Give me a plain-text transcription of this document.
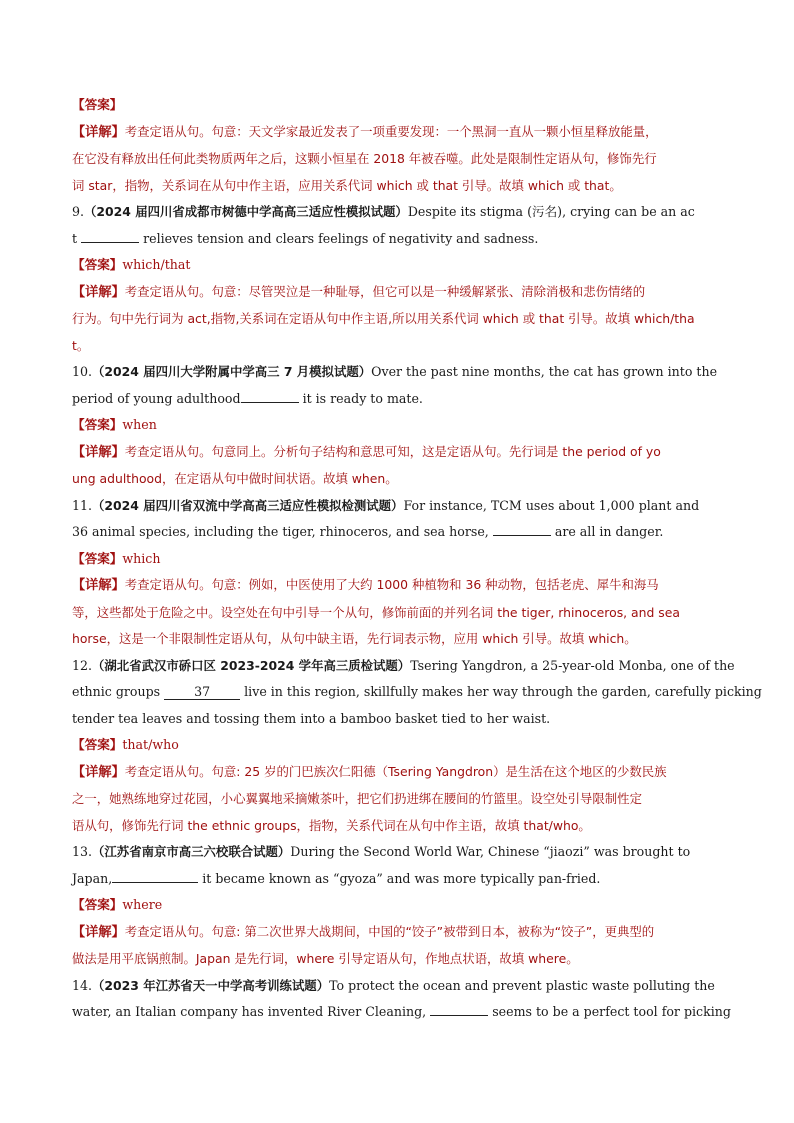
【答案】
【详解】考查定语从句。句意：天文学家最近发表了一项重要发现：一个黑洞一直从一颗小恒星释放能量，
在它没有释放出任何此类物质两年之后，这颗小恒星在 2018 年被吞噬。此处是限制性定语从句，修饰先行
词 star，指物，关系词在从句中作主语，应用关系代词 which 或 that 引导。故填 which 或 that。
9.（2024 届四川省成都市树德中学高高三适应性模拟试题）Despite its stigma (污名), crying can be an ac
t	relieves tension and clears feelings of negativity and sadness.
【答案】which/that
【详解】考查定语从句。句意：尽管哭泣是一种耻辱，但它可以是一种缓解紧张、清除消极和悲伤情绪的
行为。句中先行词为 act,指物,关系词在定语从句中作主语,所以用关系代词 which 或 that 引导。故填 which/tha
t。
10.（2024 届四川大学附属中学高三 7 月模拟试题）Over the past nine months, the cat has grown into the
period of young adulthood	it is ready to mate.
【答案】when
【详解】考查定语从句。句意同上。分析句子结构和意思可知，这是定语从句。先行词是 the period of yo
ung adulthood，在定语从句中做时间状语。故填 when。
11.（2024 届四川省双流中学高高三适应性模拟检测试题）For instance, TCM uses about 1,000 plant and
36 animal species, including the tiger, rhinoceros, and sea horse,	are all in danger.
【答案】which
【详解】考查定语从句。句意：例如，中医使用了大约 1000 种植物和 36 种动物，包括老虎、犀牛和海马
等，这些都处于危险之中。设空处在句中引导一个从句，修饰前面的并列名词 the tiger, rhinoceros, and sea
horse，这是一个非限制性定语从句，从句中缺主语，先行词表示物，应用 which 引导。故填 which。
12.（湖北省武汉市硚口区 2023-2024 学年高三质检试题）Tsering Yangdron, a 25-year-old Monba, one of the
ethnic groups	37	live in this region, skillfully makes her way through the garden, carefully picking
tender tea leaves and tossing them into a bamboo basket tied to her waist.
【答案】that/who
【详解】考查定语从句。句意: 25 岁的门巴族次仁阳德（Tsering Yangdron）是生活在这个地区的少数民族
之一，她熟练地穿过花园，小心翼翼地采摘嫩茶叶，把它们扔进绑在腰间的竹篮里。设空处引导限制性定
语从句，修饰先行词 the ethnic groups，指物，关系代词在从句中作主语，故填 that/who。
13.（江苏省南京市高三六校联合试题）During the Second World War, Chinese “jiaozi” was brought to
Japan,	it became known as “gyoza” and was more typically pan-fried.
【答案】where
【详解】考查定语从句。句意: 第二次世界大战期间，中国的“饺子”被带到日本，被称为“饺子”，更典型的
做法是用平底锅煎制。Japan 是先行词，where 引导定语从句，作地点状语，故填 where。
14.（2023 年江苏省天一中学高考训练试题）To protect the ocean and prevent plastic waste polluting the
water, an Italian company has invented River Cleaning,	seems to be a perfect tool for picking
